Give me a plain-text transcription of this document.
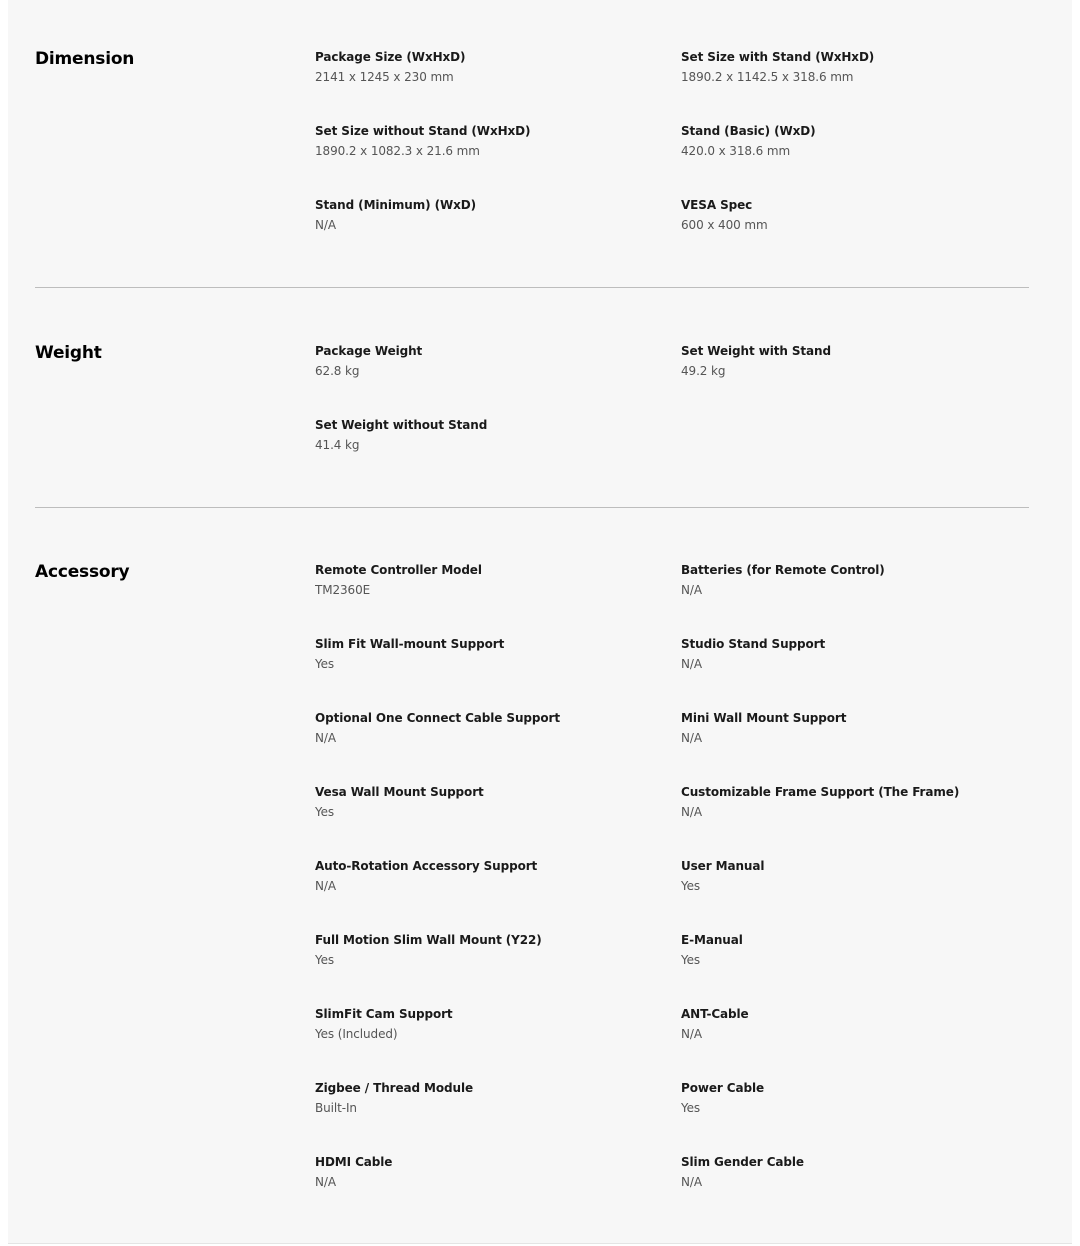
Dimension	Package Size (WxHxD)
2141 x 1245 x 230 mm
Set Size with Stand (WxHxD)
1890.2 x 1142.5 x 318.6 mm
Set Size without Stand (WxHxD)
1890.2 x 1082.3 x 21.6 mm
Stand (Basic) (WxD)
420.0 x 318.6 mm
Stand (Minimum) (WxD)
N/A
VESA Spec
600 x 400 mm
Weight	Package Weight
62.8 kg
Set Weight with Stand
49.2 kg
Set Weight without Stand
41.4 kg
Accessory	Remote Controller Model
TM2360E
Batteries (for Remote Control)
N/A
Slim Fit Wall-mount Support
Yes
Studio Stand Support
N/A
Optional One Connect Cable Support
N/A
Mini Wall Mount Support
N/A
Vesa Wall Mount Support
Yes
Customizable Frame Support (The Frame)
N/A
Auto-Rotation Accessory Support
N/A
User Manual
Yes
Full Motion Slim Wall Mount (Y22)
Yes
E-Manual
Yes
SlimFit Cam Support
Yes (Included)
ANT-Cable
N/A
Zigbee / Thread Module
Built-In
Power Cable
Yes
HDMI Cable
N/A
Slim Gender Cable
N/A
